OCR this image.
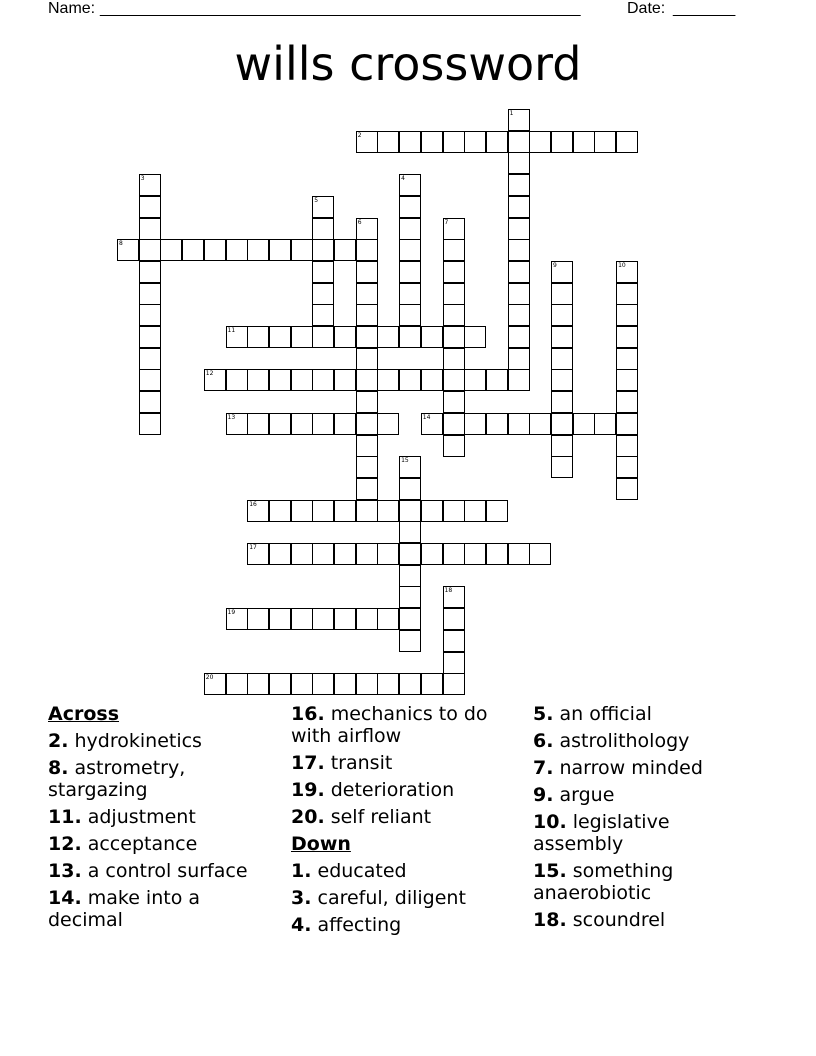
Name: ______________________________________________________	Date: _______
wills crossword
1
2
3	4
5
6	7
8
9	10
11
12
13	14
15
16
17
18
19
20
Across
2. hydrokinetics
8. astrometry, stargazing
11. adjustment
12. acceptance
13. a control surface
14. make into a decimal
16. mechanics to do with airflow
17. transit
19. deterioration
20. self reliant
Down
1. educated
3. careful, diligent
4. affecting
5. an official
6. astrolithology
7. narrow minded
9. argue
10. legislative assembly
15. something anaerobiotic
18. scoundrel
